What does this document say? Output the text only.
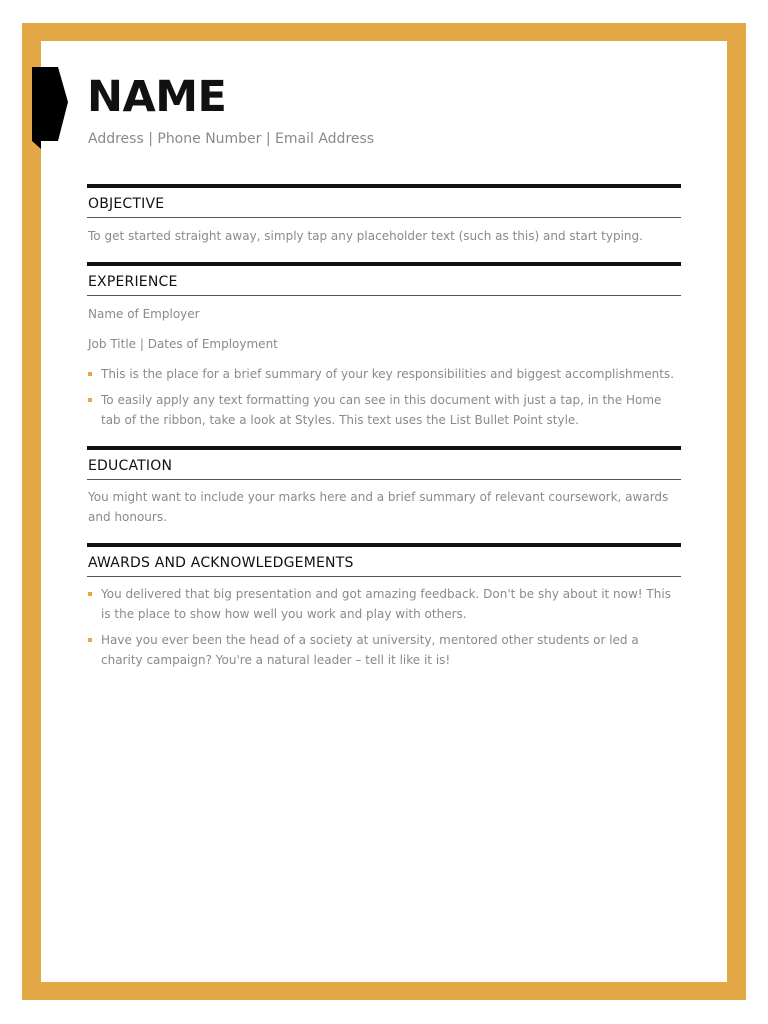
NAME
Address | Phone Number | Email Address
OBJECTIVE

To get started straight away, simply tap any placeholder text (such as this) and start typing.

EXPERIENCE

Name of Employer

Job Title | Dates of Employment

This is the place for a brief summary of your key responsibilities and biggest accomplishments.
To easily apply any text formatting you can see in this document with just a tap, in the Home tab of the ribbon, take a look at Styles. This text uses the List Bullet Point style.
EDUCATION

You might want to include your marks here and a brief summary of relevant coursework, awards and honours.

AWARDS AND ACKNOWLEDGEMENTS
You delivered that big presentation and got amazing feedback. Don't be shy about it now! This is the place to show how well you work and play with others.
Have you ever been the head of a society at university, mentored other students or led a charity campaign? You're a natural leader – tell it like it is!
